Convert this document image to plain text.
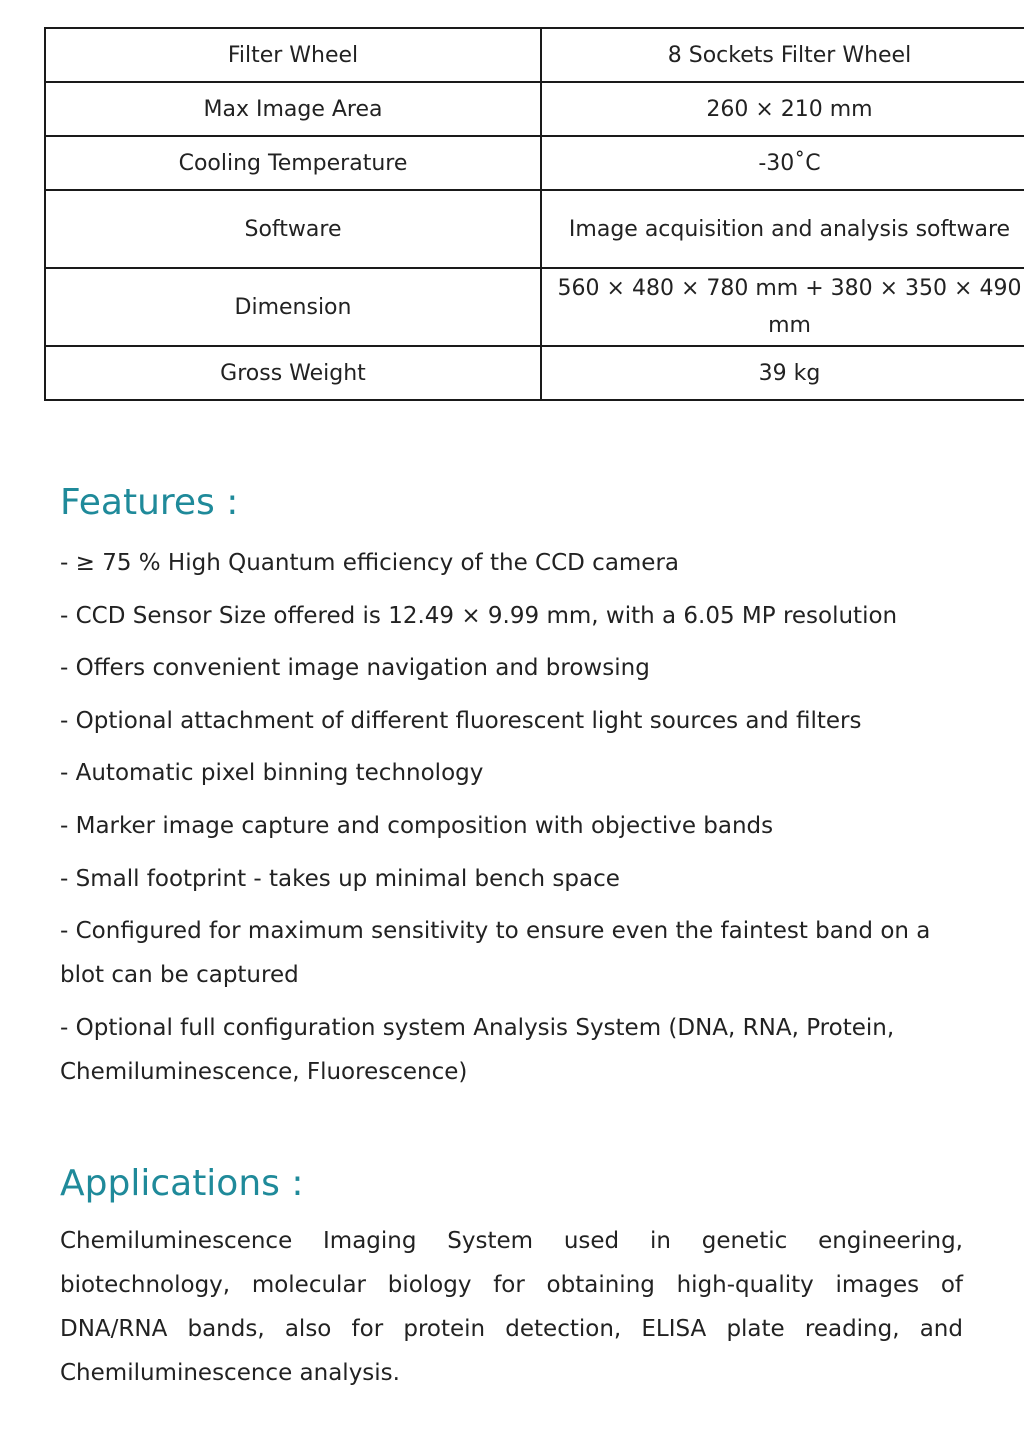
Filter Wheel	8 Sockets Filter Wheel
Max Image Area	260 × 210 mm
Cooling Temperature	-30˚C
Software	Image acquisition and analysis software
Dimension	560 × 480 × 780 mm + 380 × 350 × 490 mm
Gross Weight	39 kg
Features :
- ≥ 75 % High Quantum efficiency of the CCD camera
- CCD Sensor Size offered is 12.49 × 9.99 mm, with a 6.05 MP resolution
- Offers convenient image navigation and browsing
- Optional attachment of different fluorescent light sources and filters
- Automatic pixel binning technology
- Marker image capture and composition with objective bands
- Small footprint - takes up minimal bench space
- Configured for maximum sensitivity to ensure even the faintest band on a blot can be captured
- Optional full configuration system Analysis System (DNA, RNA, Protein, Chemiluminescence, Fluorescence)
Applications :

Chemiluminescence Imaging System used in genetic engineering, biotechnology, molecular biology for obtaining high-quality images of DNA/RNA bands, also for protein detection, ELISA plate reading, and Chemiluminescence analysis.
